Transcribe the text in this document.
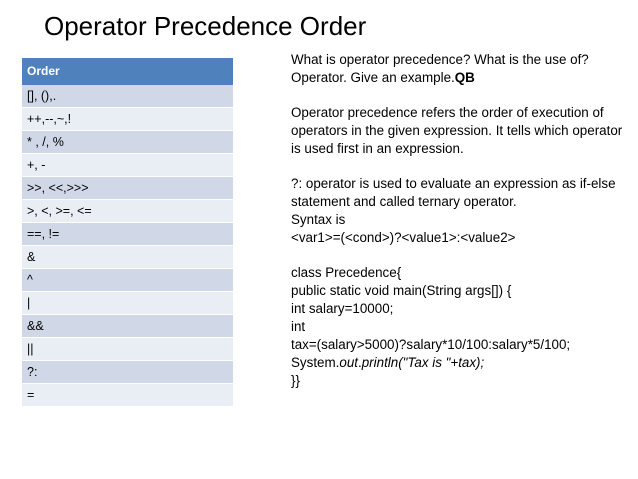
Operator Precedence Order
Order
[], (),.
++,--,~,!
* , /, %
+, -
>>, <<,>>>
>, <, >=, <=
==, !=
&
^
|
&&
||
?:
=

What is operator precedence? What is the use of? Operator. Give an example.QB

Operator precedence refers the order of execution of operators in the given expression. It tells which operator is used first in an expression.

?: operator is used to evaluate an expression as if-else statement and called ternary operator.

Syntax is

<var1>=(<cond>)?<value1>:<value2>

class Precedence{

public static void main(String args[]) {

int salary=10000;

int

tax=(salary>5000)?salary*10/100:salary*5/100;

System.out.println("Tax is "+tax);

}}
